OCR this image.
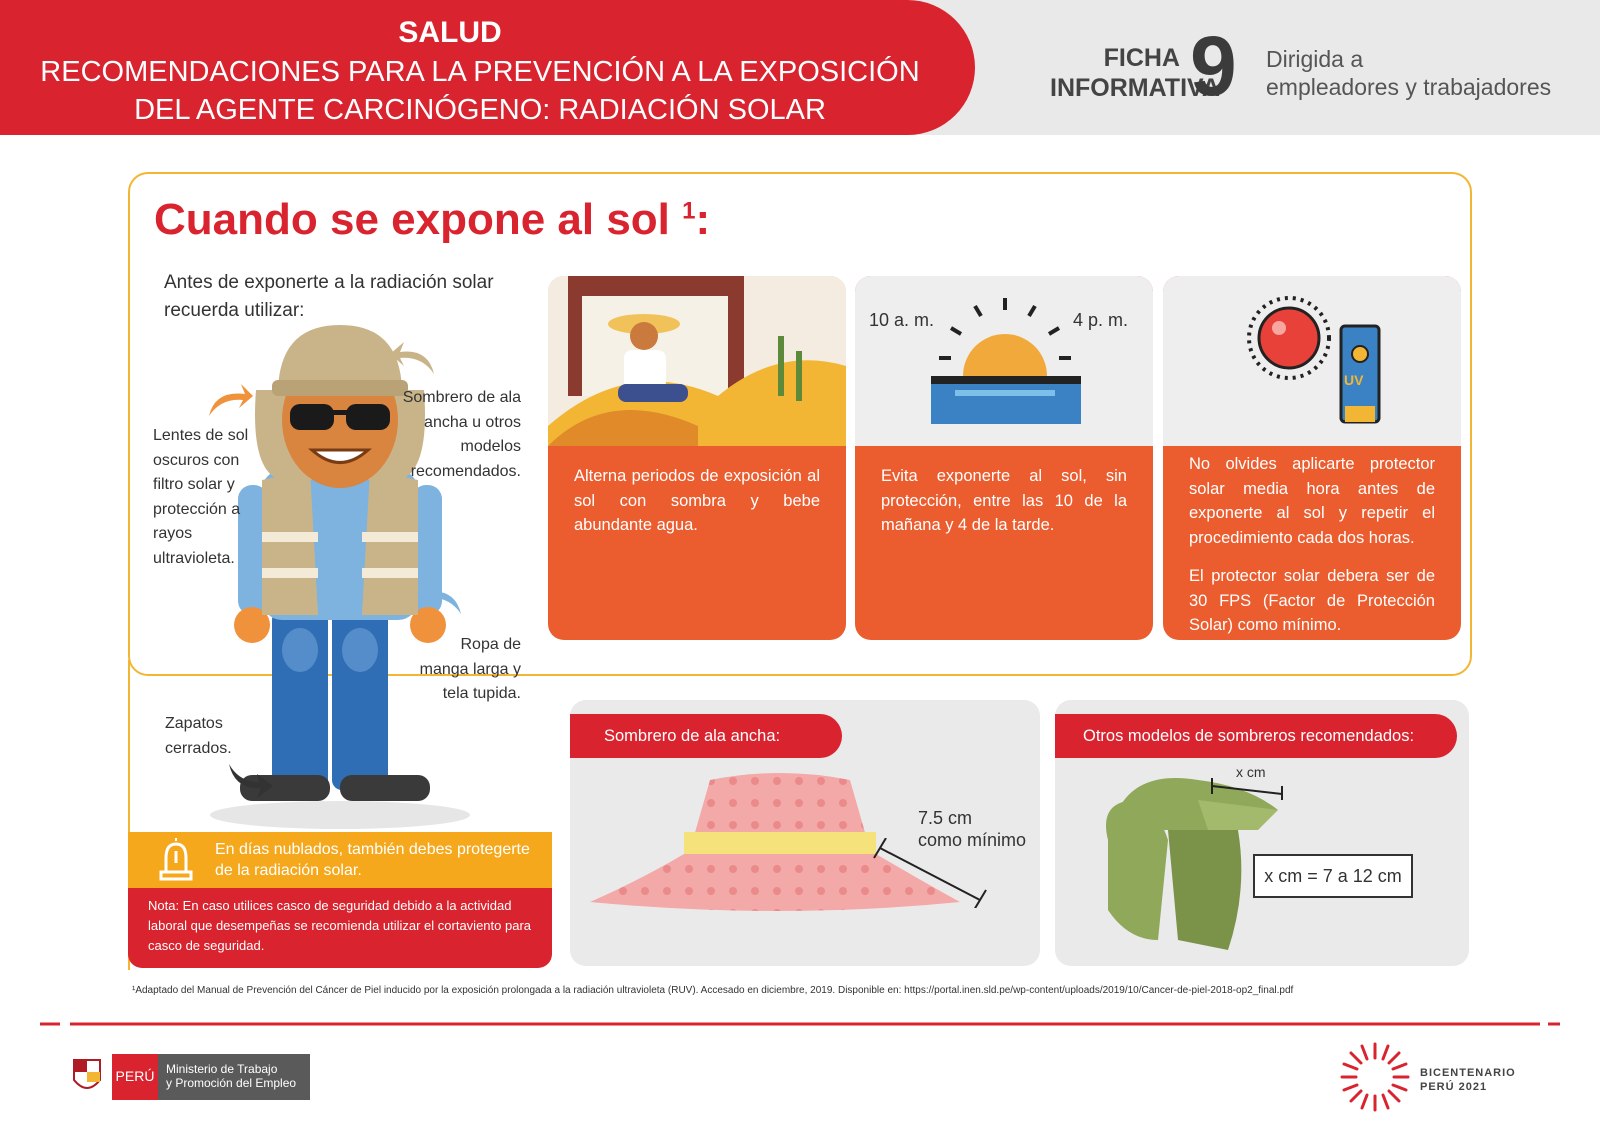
SALUD
RECOMENDACIONES PARA LA PREVENCIÓN A LA EXPOSICIÓN
DEL AGENTE CARCINÓGENO: RADIACIÓN SOLAR
FICHA
INFORMATIVA
9 Dirigida a
empleadores y trabajadores
Cuando se expone al sol $^1$:
Antes de exponerte a la radiación solar
recuerda utilizar:
Lentes de sol oscuros con filtro solar y protección a rayos ultravioleta.
Sombrero de ala ancha u otros modelos recomendados.
Ropa de manga larga y tela tupida.
Zapatos cerrados.
En días nublados, también debes protegerte de la radiación solar.
Nota: En caso utilices casco de seguridad debido a la actividad laboral que desempeñas se recomienda utilizar el cortaviento para casco de seguridad.
Alterna periodos de exposición al sol con sombra y bebe abundante agua.
10 a. m.	4 p. m.
Evita exponerte al sol, sin protección, entre las 10 de la mañana y 4 de la tarde.
UV
No olvides aplicarte protector solar media hora antes de exponerte al sol y repetir el procedimiento cada dos horas.
El protector solar debera ser de 30 FPS (Factor de Protección Solar) como mínimo.
Sombrero de ala ancha:
7.5 cm
como mínimo
Otros modelos de sombreros recomendados:
x cm
x cm = 7 a 12 cm
¹Adaptado del Manual de Prevención del Cáncer de Piel inducido por la exposición prolongada a la radiación ultravioleta (RUV). Accesado en diciembre, 2019. Disponible en: https://portal.inen.sld.pe/wp-content/uploads/2019/10/Cancer-de-piel-2018-op2_final.pdf
PERÚ Ministerio de Trabajo
y Promoción del Empleo
BICENTENARIO
PERÚ 2021
